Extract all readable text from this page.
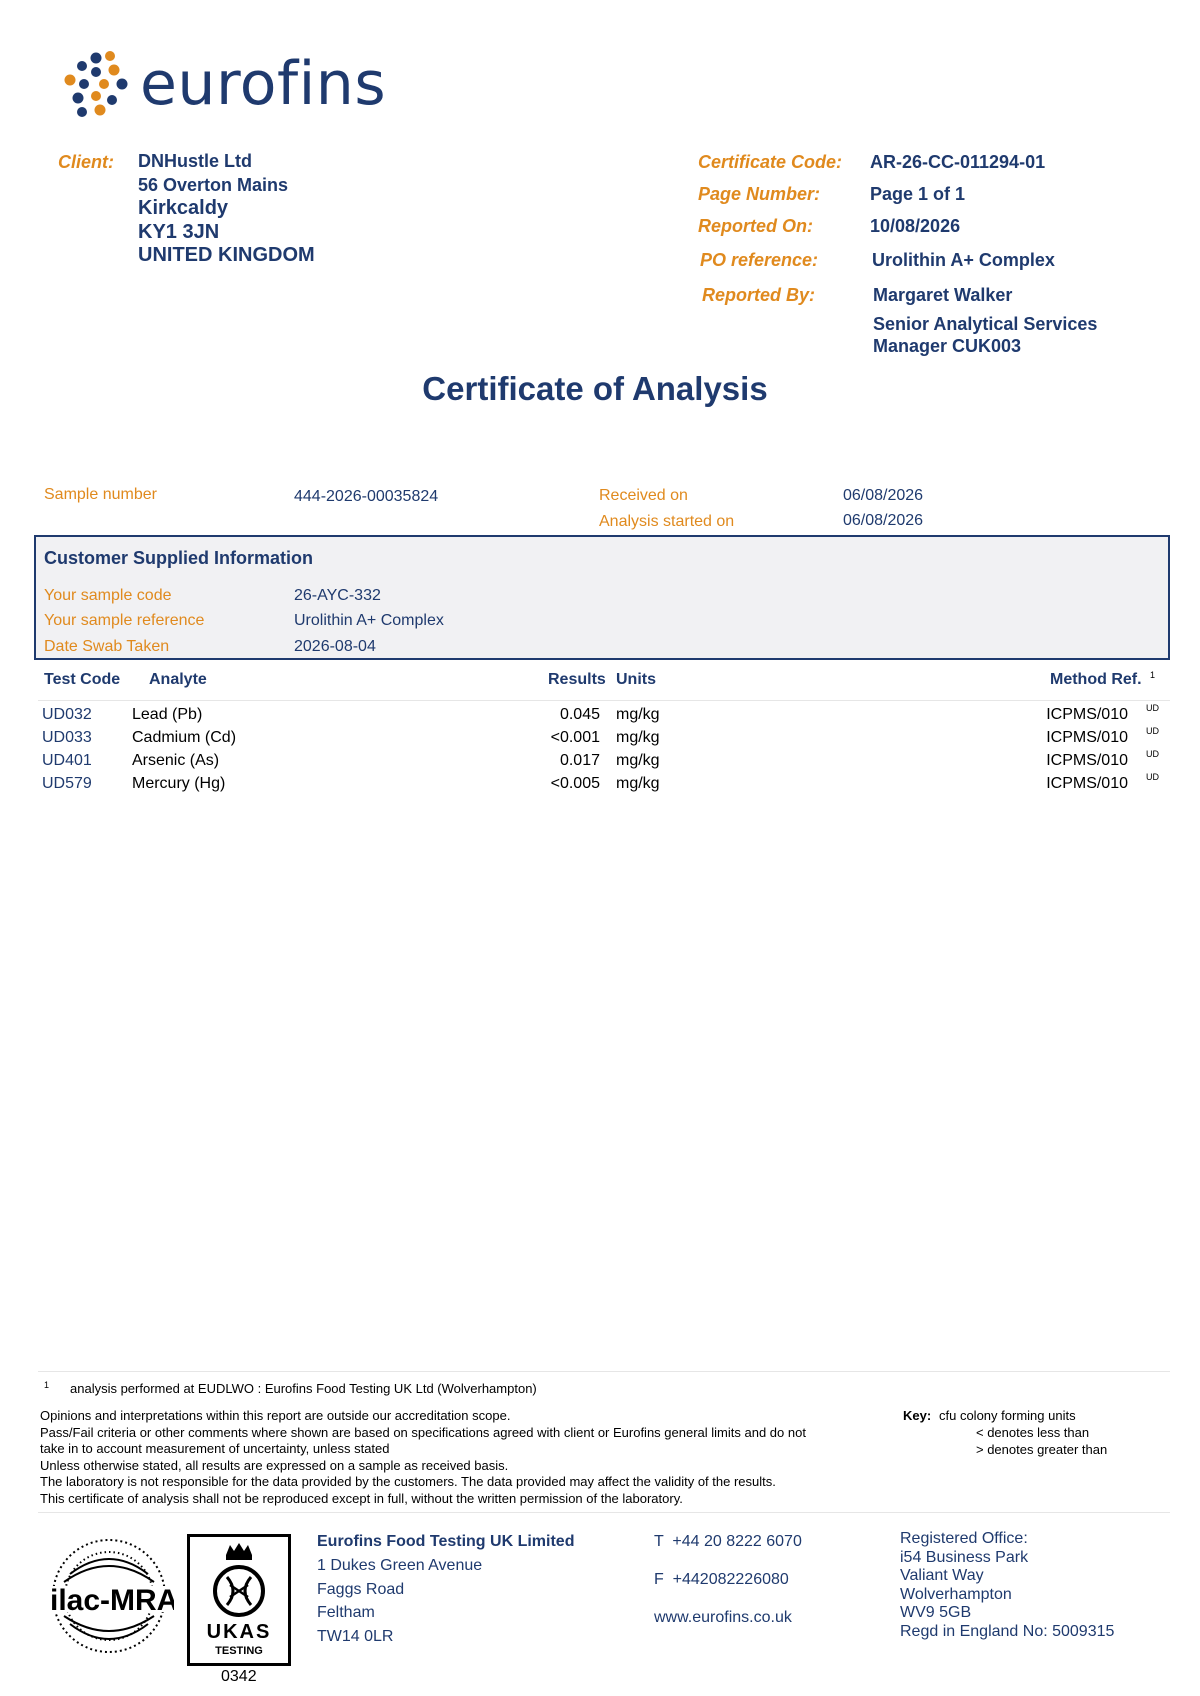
eurofins
Client: DNHustle Ltd
56 Overton Mains
Kirkcaldy
KY1 3JN
UNITED KINGDOM
Certificate Code: AR-26-CC-011294-01
Page Number:	Page 1 of 1
Reported On:	10/08/2026
PO reference:	Urolithin A+ Complex
Reported By:	Margaret Walker
Senior Analytical Services
Manager CUK003
Certificate of Analysis
Sample number	444-2026-00035824	Received on	06/08/2026
Analysis started on	06/08/2026
Customer Supplied Information
Your sample code	26-AYC-332
Your sample reference	Urolithin A+ Complex
Date Swab Taken	2026-08-04
Test Code Analyte	Results Units	Method Ref. 1
UD032	Lead (Pb)	0.045 mg/kg	ICPMS/010 UD
UD033	Cadmium (Cd)	<0.001 mg/kg	ICPMS/010 UD
UD401	Arsenic (As)	0.017 mg/kg	ICPMS/010 UD
UD579	Mercury (Hg)	<0.005 mg/kg	ICPMS/010 UD
1 analysis performed at EUDLWO : Eurofins Food Testing UK Ltd (Wolverhampton)
Opinions and interpretations within this report are outside our accreditation scope.
Pass/Fail criteria or other comments where shown are based on specifications agreed with client or Eurofins general limits and do not
take in to account measurement of uncertainty, unless stated
Unless otherwise stated, all results are expressed on a sample as received basis.
The laboratory is not responsible for the data provided by the customers. The data provided may affect the validity of the results.
This certificate of analysis shall not be reproduced except in full, without the written permission of the laboratory.
Key: cfu colony forming units
< denotes less than
> denotes greater than
ilac-MRA
UKAS
TESTING
0342
Eurofins Food Testing UK Limited
1 Dukes Green Avenue
Faggs Road
Feltham
TW14 0LR
T  +44 20 8222 6070
F  +442082226080
www.eurofins.co.uk
Registered Office:
i54 Business Park
Valiant Way
Wolverhampton
WV9 5GB
Regd in England No: 5009315
